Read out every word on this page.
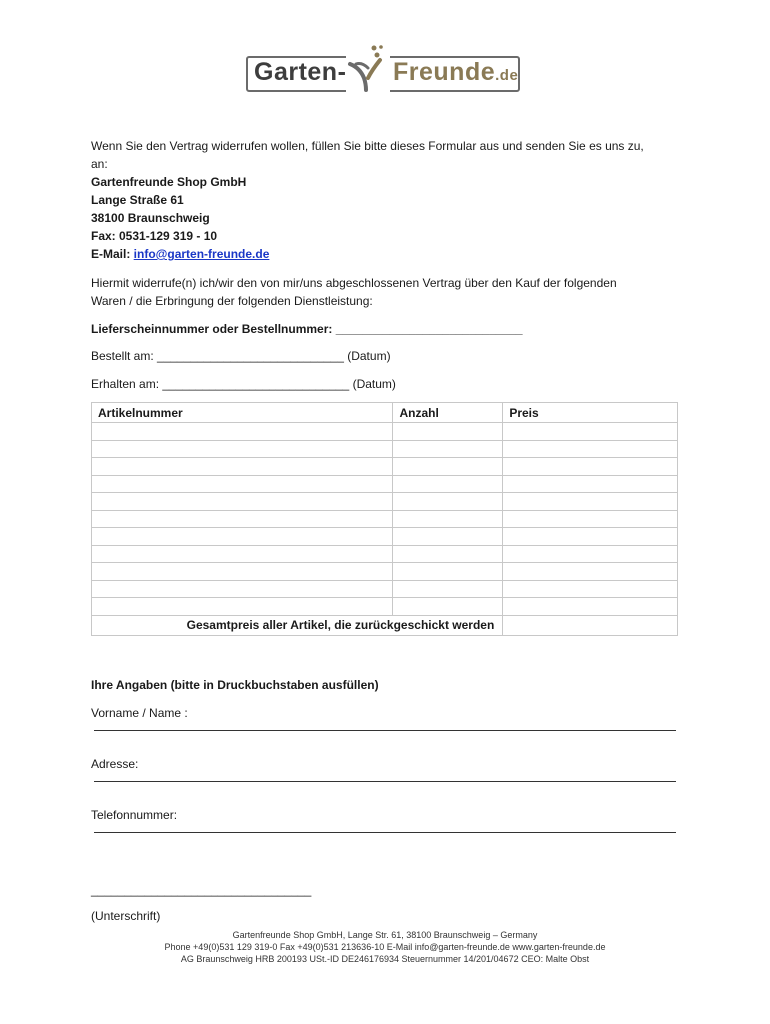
Garten- Freunde.de
Wenn Sie den Vertrag widerrufen wollen, füllen Sie bitte dieses Formular aus und senden Sie es uns zu,
an:
Gartenfreunde Shop GmbH
Lange Straße 61
38100 Braunschweig
Fax: 0531-129 319 - 10
E-Mail: info@garten-freunde.de
Hiermit widerrufe(n) ich/wir den von mir/uns abgeschlossenen Vertrag über den Kauf der folgenden
Waren / die Erbringung der folgenden Dienstleistung:
Lieferscheinnummer oder Bestellnummer: ____________________________
Bestellt am: ____________________________ (Datum)
Erhalten am: ____________________________ (Datum)
Artikelnummer	Anzahl	Preis

Gesamtpreis aller Artikel, die zurückgeschickt werden		
Ihre Angaben (bitte in Druckbuchstaben ausfüllen)
Vorname / Name :
Adresse:
Telefonnummer:
_________________________________
(Unterschrift)
Gartenfreunde Shop GmbH, Lange Str. 61, 38100 Braunschweig – Germany
Phone +49(0)531 129 319-0 Fax +49(0)531 213636-10 E-Mail info@garten-freunde.de www.garten-freunde.de
AG Braunschweig HRB 200193 USt.-ID DE246176934 Steuernummer 14/201/04672 CEO: Malte Obst
